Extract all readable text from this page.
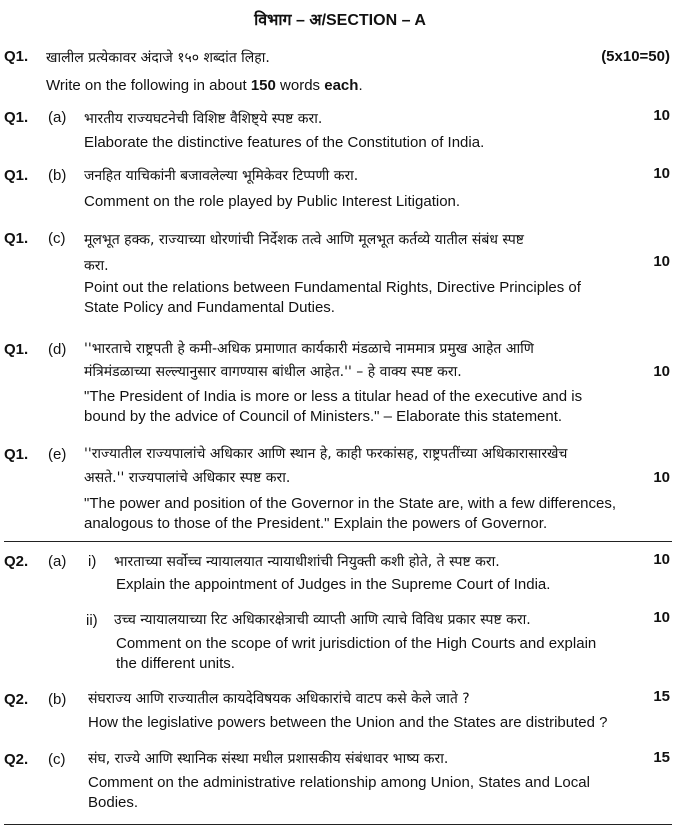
विभाग – अ/SECTION – A
Q1. खालील प्रत्येकावर अंदाजे १५० शब्दांत लिहा.	(5x10=50)
Write on the following in about 150 words each.
Q1. (a) भारतीय राज्यघटनेची विशिष्ट वैशिष्ट्ये स्पष्ट करा.	10
Elaborate the distinctive features of the Constitution of India.
Q1. (b) जनहित याचिकांनी बजावलेल्या भूमिकेवर टिप्पणी करा.	10
Comment on the role played by Public Interest Litigation.
Q1. (c) मूलभूत हक्क, राज्याच्या धोरणांची निर्देशक तत्वे आणि मूलभूत कर्तव्ये यातील संबंध स्पष्ट
करा.	10
Point out the relations between Fundamental Rights, Directive Principles of
State Policy and Fundamental Duties.
Q1. (d) ''भारताचे राष्ट्रपती हे कमी-अधिक प्रमाणात कार्यकारी मंडळाचे नाममात्र प्रमुख आहेत आणि
मंत्रिमंडळाच्या सल्ल्यानुसार वागण्यास बांधील आहेत.'' – हे वाक्य स्पष्ट करा.	10
"The President of India is more or less a titular head of the executive and is
bound by the advice of Council of Ministers." – Elaborate this statement.
Q1. (e) ''राज्यातील राज्यपालांचे अधिकार आणि स्थान हे, काही फरकांसह, राष्ट्रपतींच्या अधिकारासारखेच
असते.'' राज्यपालांचे अधिकार स्पष्ट करा.	10
"The power and position of the Governor in the State are, with a few differences,
analogous to those of the President." Explain the powers of Governor.
Q2. (a) i) भारताच्या सर्वोच्च न्यायालयात न्यायाधीशांची नियुक्ती कशी होते, ते स्पष्ट करा.	10
Explain the appointment of Judges in the Supreme Court of India.
ii) उच्च न्यायालयाच्या रिट अधिकारक्षेत्राची व्याप्ती आणि त्याचे विविध प्रकार स्पष्ट करा.	10
Comment on the scope of writ jurisdiction of the High Courts and explain
the different units.
Q2. (b) संघराज्य आणि राज्यातील कायदेविषयक अधिकारांचे वाटप कसे केले जाते ?	15
How the legislative powers between the Union and the States are distributed ?
Q2. (c) संघ, राज्ये आणि स्थानिक संस्था मधील प्रशासकीय संबंधावर भाष्य करा.	15
Comment on the administrative relationship among Union, States and Local
Bodies.
